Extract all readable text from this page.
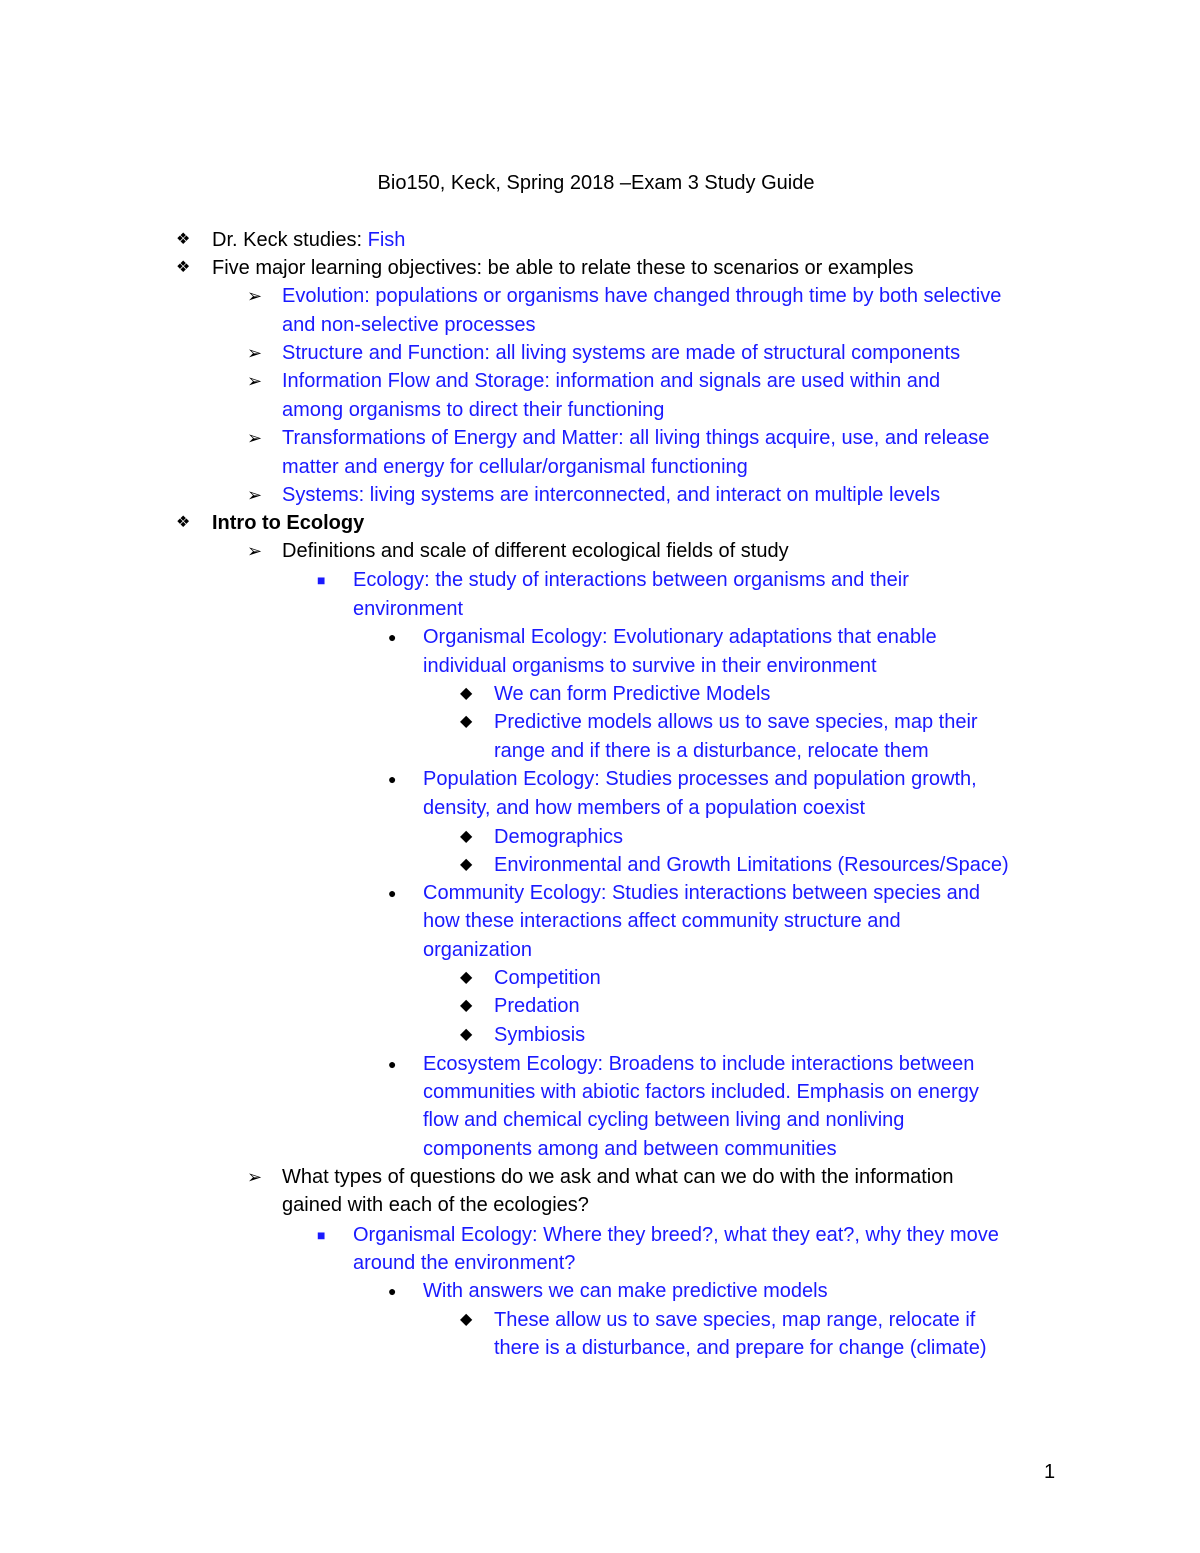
Bio150, Keck, Spring 2018 –Exam 3 Study Guide
❖ Dr. Keck studies: Fish
❖ Five major learning objectives: be able to relate these to scenarios or examples
➢ Evolution: populations or organisms have changed through time by both selective
and non-selective processes
➢ Structure and Function: all living systems are made of structural components
➢ Information Flow and Storage: information and signals are used within and
among organisms to direct their functioning
➢ Transformations of Energy and Matter: all living things acquire, use, and release
matter and energy for cellular/organismal functioning
➢ Systems: living systems are interconnected, and interact on multiple levels
❖ Intro to Ecology
➢ Definitions and scale of different ecological fields of study
■ Ecology: the study of interactions between organisms and their
environment
● Organismal Ecology: Evolutionary adaptations that enable
individual organisms to survive in their environment
◆ We can form Predictive Models
◆ Predictive models allows us to save species, map their
range and if there is a disturbance, relocate them
● Population Ecology: Studies processes and population growth,
density, and how members of a population coexist
◆ Demographics
◆ Environmental and Growth Limitations (Resources/Space)
● Community Ecology: Studies interactions between species and
how these interactions affect community structure and
organization
◆ Competition
◆ Predation
◆ Symbiosis
● Ecosystem Ecology: Broadens to include interactions between
communities with abiotic factors included. Emphasis on energy
flow and chemical cycling between living and nonliving
components among and between communities
➢ What types of questions do we ask and what can we do with the information
gained with each of the ecologies?
■ Organismal Ecology: Where they breed?, what they eat?, why they move
around the environment?
● With answers we can make predictive models
◆ These allow us to save species, map range, relocate if
there is a disturbance, and prepare for change (climate)
1
